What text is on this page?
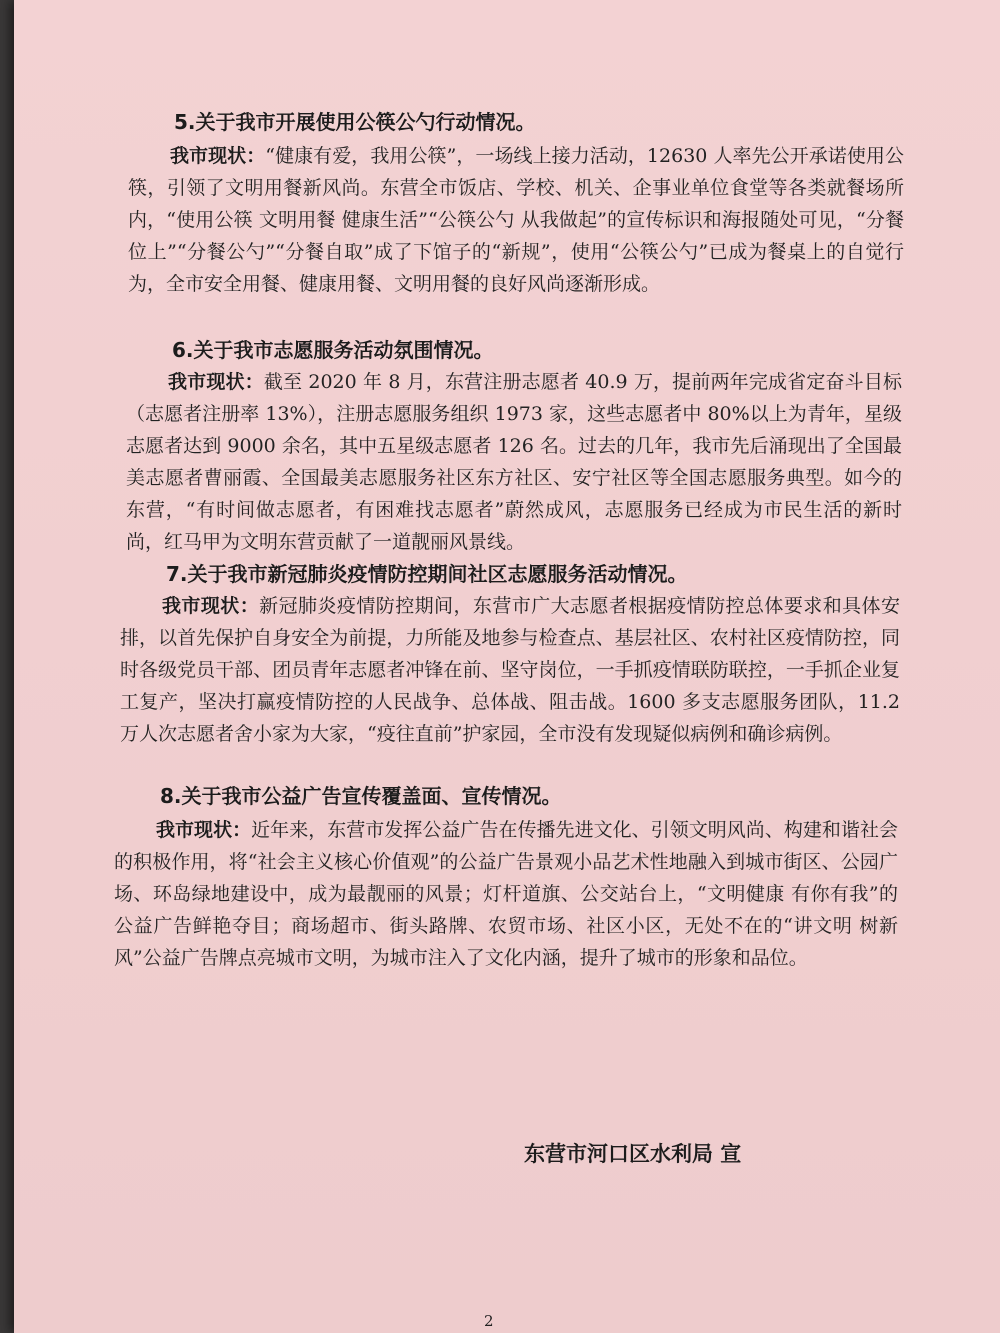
5.关于我市开展使用公筷公勺行动情况。
我市现状：“健康有爱，我用公筷”，一场线上接力活动，12630 人率先公开承诺使用公筷，引领了文明用餐新风尚。东营全市饭店、学校、机关、企事业单位食堂等各类就餐场所内，“使用公筷 文明用餐 健康生活”“公筷公勺 从我做起”的宣传标识和海报随处可见，“分餐位上”“分餐公勺”“分餐自取”成了下馆子的“新规”，使用“公筷公勺”已成为餐桌上的自觉行为，全市安全用餐、健康用餐、文明用餐的良好风尚逐渐形成。
6.关于我市志愿服务活动氛围情况。
我市现状：截至 2020 年 8 月，东营注册志愿者 40.9 万，提前两年完成省定奋斗目标（志愿者注册率 13%），注册志愿服务组织 1973 家，这些志愿者中 80%以上为青年，星级志愿者达到 9000 余名，其中五星级志愿者 126 名。过去的几年，我市先后涌现出了全国最美志愿者曹丽霞、全国最美志愿服务社区东方社区、安宁社区等全国志愿服务典型。如今的东营，“有时间做志愿者，有困难找志愿者”蔚然成风，志愿服务已经成为市民生活的新时尚，红马甲为文明东营贡献了一道靓丽风景线。
7.关于我市新冠肺炎疫情防控期间社区志愿服务活动情况。
我市现状：新冠肺炎疫情防控期间，东营市广大志愿者根据疫情防控总体要求和具体安排，以首先保护自身安全为前提，力所能及地参与检查点、基层社区、农村社区疫情防控，同时各级党员干部、团员青年志愿者冲锋在前、坚守岗位，一手抓疫情联防联控，一手抓企业复工复产，坚决打赢疫情防控的人民战争、总体战、阻击战。1600 多支志愿服务团队，11.2 万人次志愿者舍小家为大家，“疫往直前”护家园，全市没有发现疑似病例和确诊病例。
8.关于我市公益广告宣传覆盖面、宣传情况。
我市现状：近年来，东营市发挥公益广告在传播先进文化、引领文明风尚、构建和谐社会的积极作用，将“社会主义核心价值观”的公益广告景观小品艺术性地融入到城市街区、公园广场、环岛绿地建设中，成为最靓丽的风景；灯杆道旗、公交站台上，“文明健康 有你有我”的公益广告鲜艳夺目；商场超市、街头路牌、农贸市场、社区小区，无处不在的“讲文明 树新风”公益广告牌点亮城市文明，为城市注入了文化内涵，提升了城市的形象和品位。
东营市河口区水利局 宣
2
